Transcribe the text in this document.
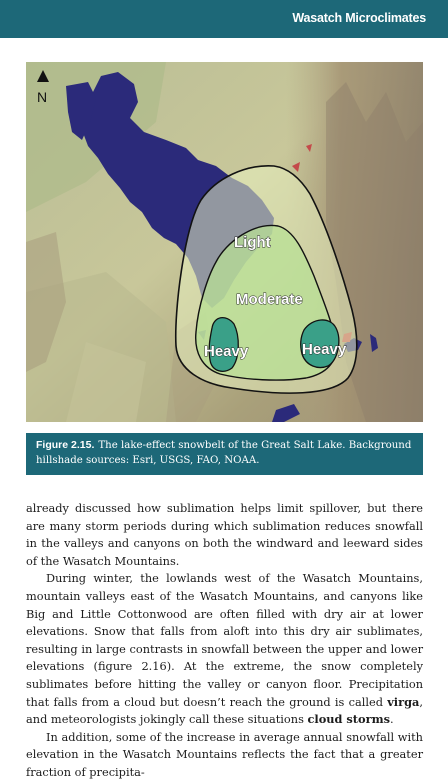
Wasatch Microclimates
Light
Moderate
Heavy	Heavy
N
Figure 2.15. The lake-effect snowbelt of the Great Salt Lake. Background hillshade sources: Esri, USGS, FAO, NOAA.

already discussed how sublimation helps limit spillover, but there are many storm periods during which sublimation reduces snowfall in the valleys and canyons on both the windward and leeward sides of the Wasatch Mountains.

During winter, the lowlands west of the Wasatch Mountains, mountain valleys east of the Wasatch Mountains, and canyons like Big and Little Cottonwood are often filled with dry air at lower elevations. Snow that falls from aloft into this dry air sublimates, resulting in large contrasts in snowfall between the upper and lower elevations (figure 2.16). At the extreme, the snow completely sublimates before hitting the valley or canyon floor. Precipitation that falls from a cloud but doesn’t reach the ground is called virga, and meteorologists jokingly call these situations cloud storms.

In addition, some of the increase in average annual snowfall with elevation in the Wasatch Mountains reflects the fact that a greater fraction of precipita-
